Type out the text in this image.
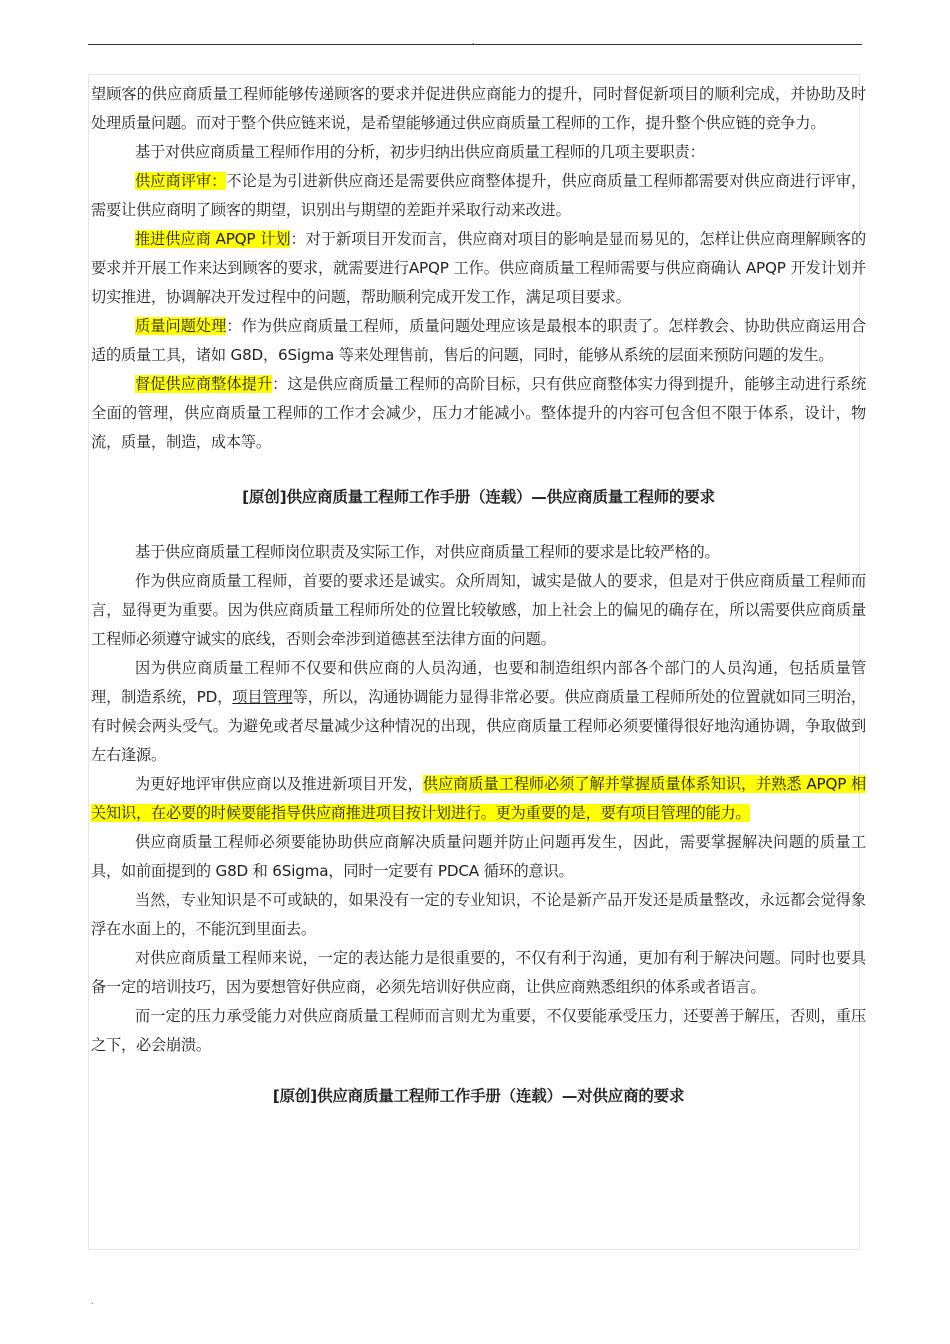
.

望顾客的供应商质量工程师能够传递顾客的要求并促进供应商能力的提升，同时督促新项目的顺利完成，并协助及时处理质量问题。而对于整个供应链来说，是希望能够通过供应商质量工程师的工作，提升整个供应链的竞争力。

基于对供应商质量工程师作用的分析，初步归纳出供应商质量工程师的几项主要职责：

供应商评审：不论是为引进新供应商还是需要供应商整体提升，供应商质量工程师都需要对供应商进行评审，需要让供应商明了顾客的期望，识别出与期望的差距并采取行动来改进。

推进供应商 APQP 计划：对于新项目开发而言，供应商对项目的影响是显而易见的，怎样让供应商理解顾客的要求并开展工作来达到顾客的要求，就需要进行APQP 工作。供应商质量工程师需要与供应商确认 APQP 开发计划并切实推进，协调解决开发过程中的问题，帮助顺利完成开发工作，满足项目要求。

质量问题处理：作为供应商质量工程师，质量问题处理应该是最根本的职责了。怎样教会、协助供应商运用合适的质量工具，诸如 G8D，6Sigma 等来处理售前，售后的问题，同时，能够从系统的层面来预防问题的发生。

督促供应商整体提升：这是供应商质量工程师的高阶目标，只有供应商整体实力得到提升，能够主动进行系统全面的管理，供应商质量工程师的工作才会减少，压力才能减小。整体提升的内容可包含但不限于体系，设计，物流，质量，制造，成本等。

[原创]供应商质量工程师工作手册（连载）—供应商质量工程师的要求

基于供应商质量工程师岗位职责及实际工作，对供应商质量工程师的要求是比较严格的。

作为供应商质量工程师，首要的要求还是诚实。众所周知，诚实是做人的要求，但是对于供应商质量工程师而言，显得更为重要。因为供应商质量工程师所处的位置比较敏感，加上社会上的偏见的确存在，所以需要供应商质量工程师必须遵守诚实的底线，否则会牵涉到道德甚至法律方面的问题。

因为供应商质量工程师不仅要和供应商的人员沟通，也要和制造组织内部各个部门的人员沟通，包括质量管理，制造系统，PD，项目管理等，所以，沟通协调能力显得非常必要。供应商质量工程师所处的位置就如同三明治，有时候会两头受气。为避免或者尽量减少这种情况的出现，供应商质量工程师必须要懂得很好地沟通协调，争取做到左右逢源。

为更好地评审供应商以及推进新项目开发，供应商质量工程师必须了解并掌握质量体系知识，并熟悉 APQP 相关知识，在必要的时候要能指导供应商推进项目按计划进行。更为重要的是，要有项目管理的能力。

供应商质量工程师必须要能协助供应商解决质量问题并防止问题再发生，因此，需要掌握解决问题的质量工具，如前面提到的 G8D 和 6Sigma，同时一定要有 PDCA 循环的意识。

当然，专业知识是不可或缺的，如果没有一定的专业知识，不论是新产品开发还是质量整改，永远都会觉得象浮在水面上的，不能沉到里面去。

对供应商质量工程师来说，一定的表达能力是很重要的，不仅有利于沟通，更加有利于解决问题。同时也要具备一定的培训技巧，因为要想管好供应商，必须先培训好供应商，让供应商熟悉组织的体系或者语言。

而一定的压力承受能力对供应商质量工程师而言则尤为重要，不仅要能承受压力，还要善于解压，否则，重压之下，必会崩溃。

[原创]供应商质量工程师工作手册（连载）—对供应商的要求
.
